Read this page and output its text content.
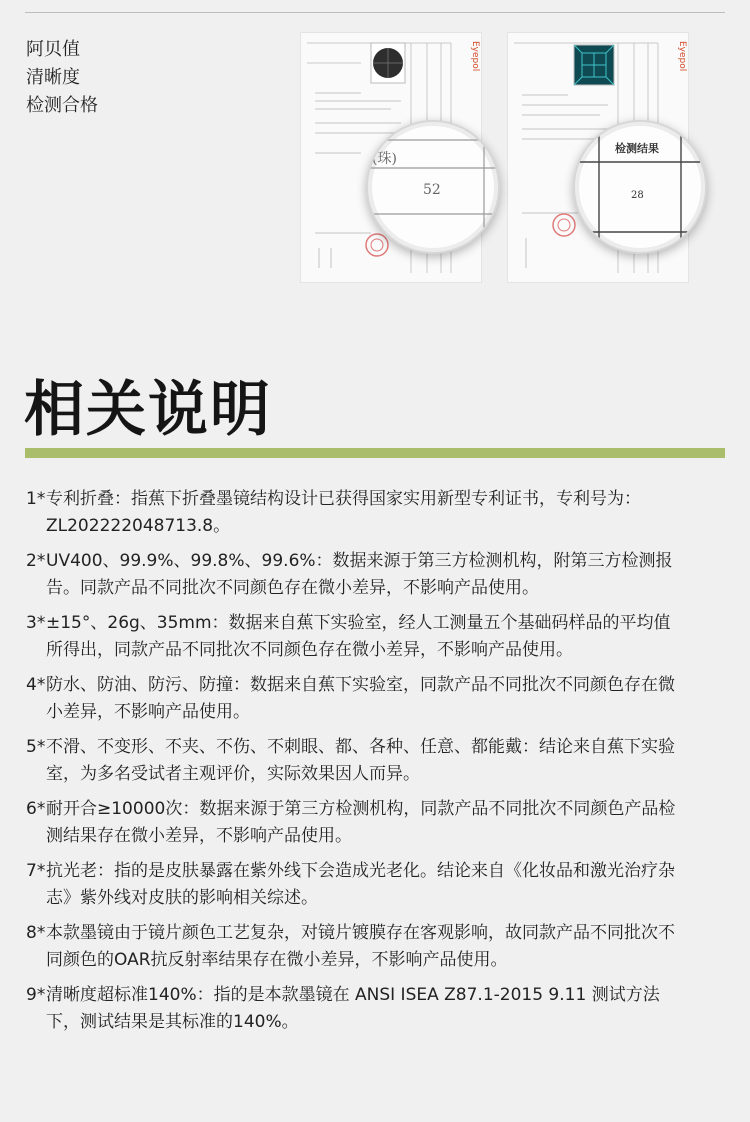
阿贝值
清晰度
检测合格
Eyepol	Eyepol
(珠)
52
检测结果
28
相关说明
1* 专利折叠：指蕉下折叠墨镜结构设计已获得国家实用新型专利证书，专利号为：ZL202222048713.8。
2* UV400、99.9%、99.8%、99.6%：数据来源于第三方检测机构，附第三方检测报告。同款产品不同批次不同颜色存在微小差异，不影响产品使用。
3* ±15°、26g、35mm：数据来自蕉下实验室，经人工测量五个基础码样品的平均值所得出，同款产品不同批次不同颜色存在微小差异，不影响产品使用。
4* 防水、防油、防污、防撞：数据来自蕉下实验室，同款产品不同批次不同颜色存在微小差异，不影响产品使用。
5* 不滑、不变形、不夹、不伤、不刺眼、都、各种、任意、都能戴：结论来自蕉下实验室，为多名受试者主观评价，实际效果因人而异。
6* 耐开合≥10000次：数据来源于第三方检测机构，同款产品不同批次不同颜色产品检测结果存在微小差异，不影响产品使用。
7* 抗光老：指的是皮肤暴露在紫外线下会造成光老化。结论来自《化妆品和激光治疗杂志》紫外线对皮肤的影响相关综述。
8* 本款墨镜由于镜片颜色工艺复杂，对镜片镀膜存在客观影响，故同款产品不同批次不同颜色的OAR抗反射率结果存在微小差异，不影响产品使用。
9* 清晰度超标准140%：指的是本款墨镜在 ANSI ISEA Z87.1-2015 9.11 测试方法下，测试结果是其标准的140%。
